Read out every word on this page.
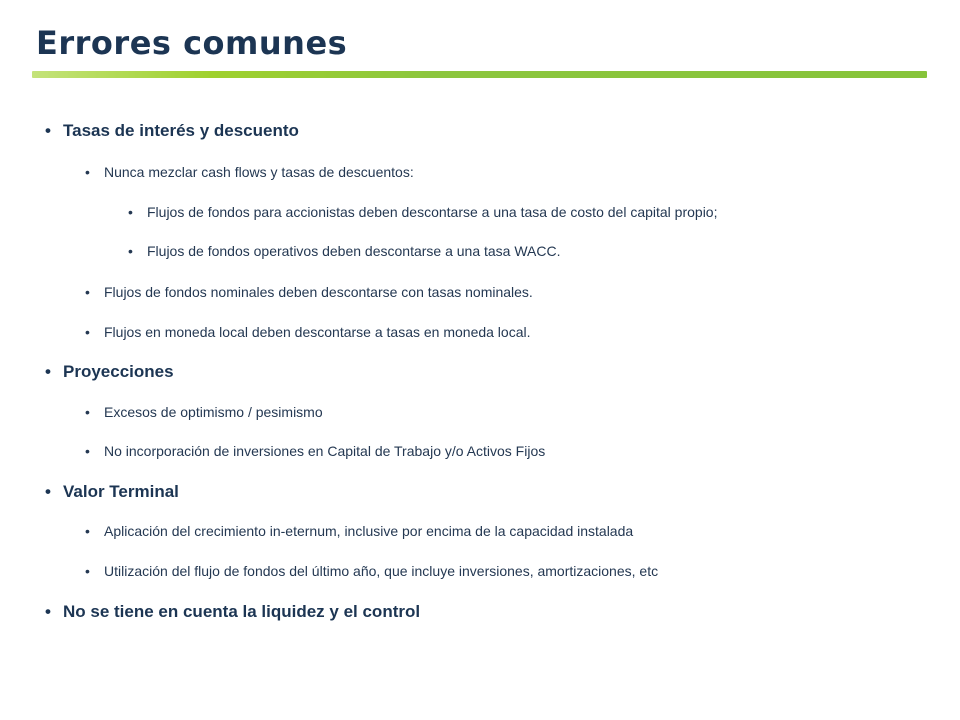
Errores comunes
• Tasas de interés y descuento
• Nunca mezclar cash flows y tasas de descuentos:
• Flujos de fondos para accionistas deben descontarse a una tasa de costo del capital propio;
• Flujos de fondos operativos deben descontarse a una tasa WACC.
• Flujos de fondos nominales deben descontarse con tasas nominales.
• Flujos en moneda local deben descontarse a tasas en moneda local.
• Proyecciones
• Excesos de optimismo / pesimismo
• No incorporación de inversiones en Capital de Trabajo y/o Activos Fijos
• Valor Terminal
• Aplicación del crecimiento in-eternum, inclusive por encima de la capacidad instalada
• Utilización del flujo de fondos del último año, que incluye inversiones, amortizaciones, etc
• No se tiene en cuenta la liquidez y el control
